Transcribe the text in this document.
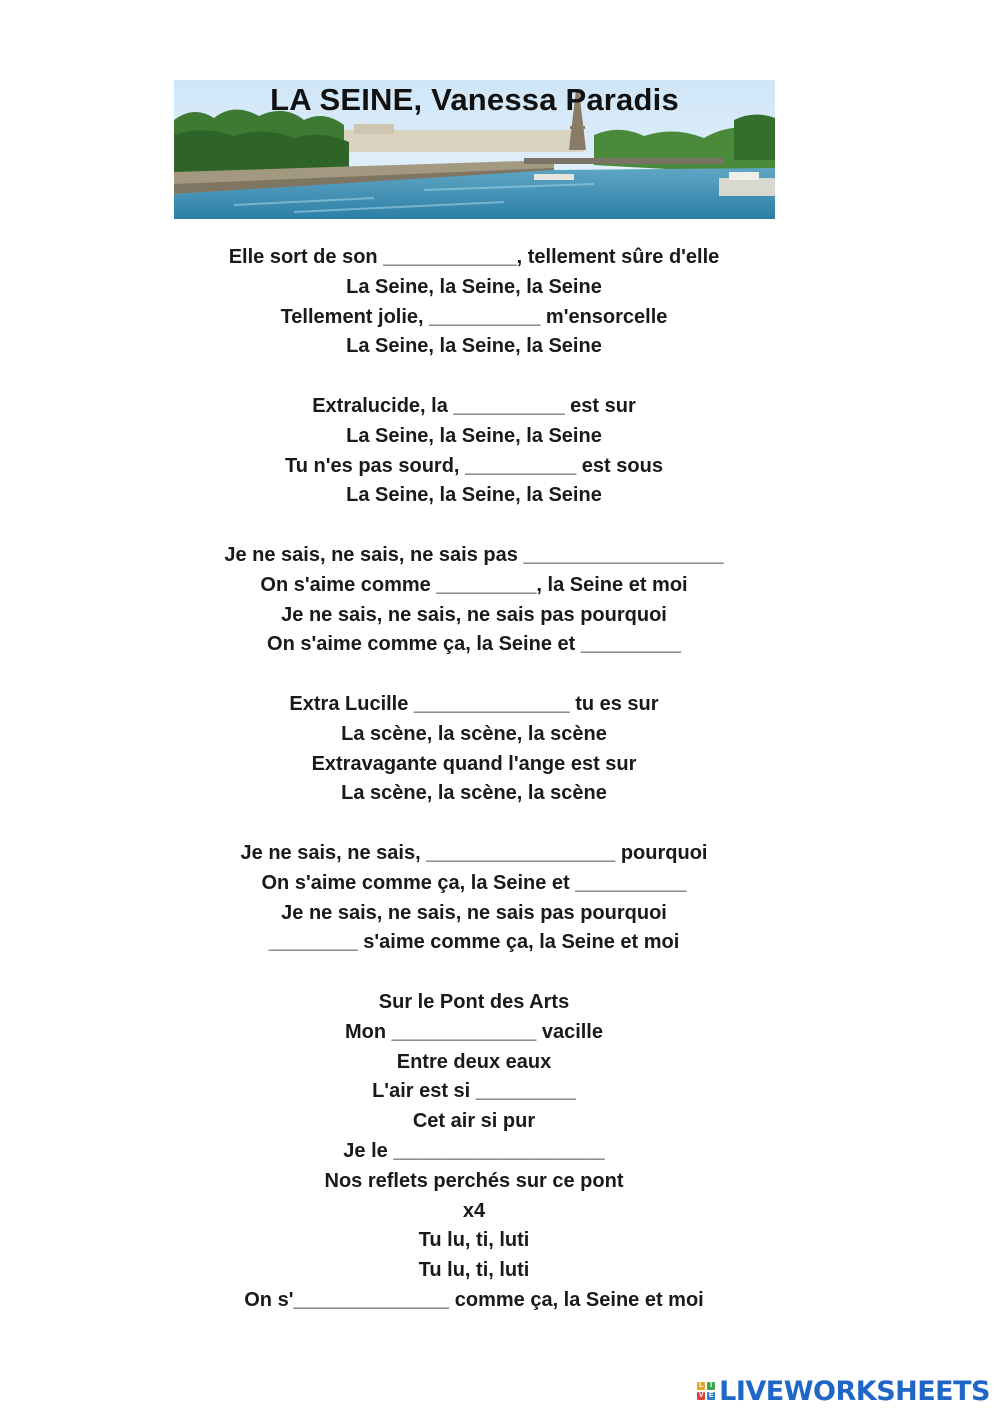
LA SEINE, Vanessa Paradis
Elle sort de son ____________, tellement sûre d'elle
La Seine, la Seine, la Seine
Tellement jolie, __________ m'ensorcelle
La Seine, la Seine, la Seine
Extralucide, la __________ est sur
La Seine, la Seine, la Seine
Tu n'es pas sourd, __________ est sous
La Seine, la Seine, la Seine
Je ne sais, ne sais, ne sais pas __________________
On s'aime comme _________, la Seine et moi
Je ne sais, ne sais, ne sais pas pourquoi
On s'aime comme ça, la Seine et _________
Extra Lucille ______________ tu es sur
La scène, la scène, la scène
Extravagante quand l'ange est sur
La scène, la scène, la scène
Je ne sais, ne sais, _________________ pourquoi
On s'aime comme ça, la Seine et __________
Je ne sais, ne sais, ne sais pas pourquoi
________ s'aime comme ça, la Seine et moi
Sur le Pont des Arts
Mon _____________ vacille
Entre deux eaux
L'air est si _________
Cet air si pur
Je le ___________________
Nos reflets perchés sur ce pont
x4
Tu lu, ti, luti
Tu lu, ti, luti
On s'______________ comme ça, la Seine et moi
L I
V E LIVEWORKSHEETS
